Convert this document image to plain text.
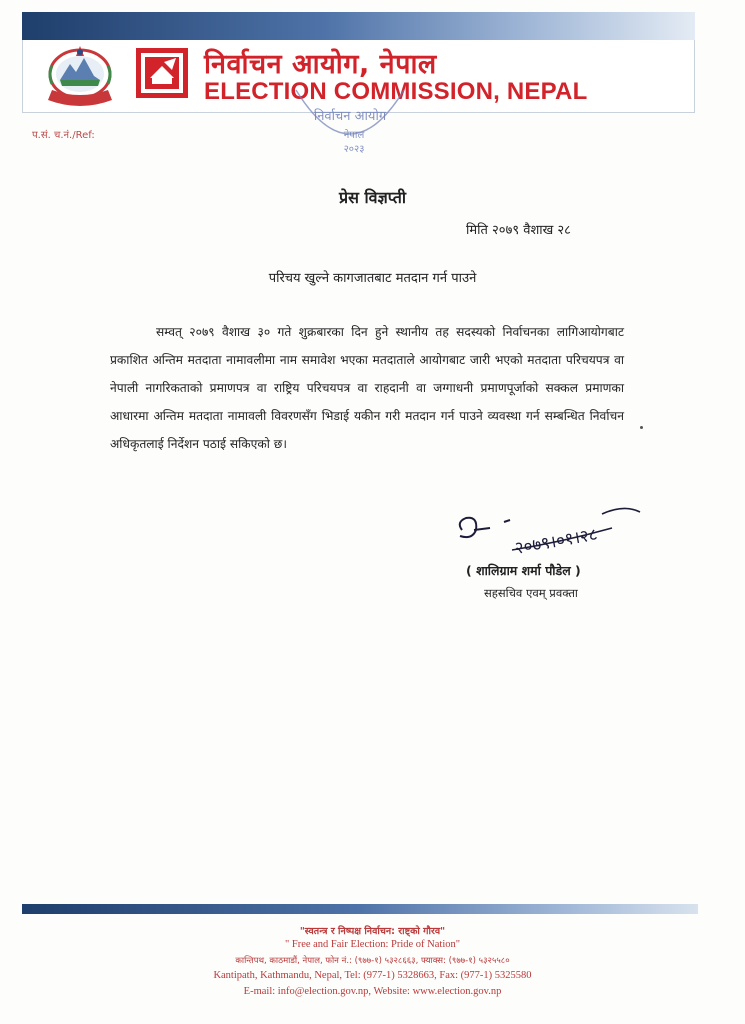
निर्वाचन आयोग, नेपाल
ELECTION COMMISSION, NEPAL
प.सं. च.नं./Ref:
निर्वाचन आयोग
नेपाल
२०२३
प्रेस विज्ञप्ती
मिति २०७९ वैशाख २८
परिचय खुल्ने कागजातबाट मतदान गर्न पाउने

सम्वत् २०७९ वैशाख ३० गते शुक्रबारका दिन हुने स्थानीय तह सदस्यको निर्वाचनका लागिआयोगबाट प्रकाशित अन्तिम मतदाता नामावलीमा नाम समावेश भएका मतदाताले आयोगबाट जारी भएको मतदाता परिचयपत्र वा नेपाली नागरिकताको प्रमाणपत्र वा राष्ट्रिय परिचयपत्र वा राहदानी वा जग्गाधनी प्रमाणपूर्जाको सक्कल प्रमाणका आधारमा अन्तिम मतदाता नामावली विवरणसँग भिडाई यकीन गरी मतदान गर्न पाउने व्यवस्था गर्न सम्बन्धित निर्वाचन अधिकृतलाई निर्देशन पठाई सकिएको छ।

२०७९।०१।२८
( शालिग्राम शर्मा पौडेल )
सहसचिव एवम् प्रवक्ता
"स्वतन्त्र र निष्पक्ष निर्वाचन: राष्ट्को गौरव"
" Free and Fair Election: Pride of Nation"
कान्तिपथ, काठमाडौं, नेपाल, फोन नं.: (९७७-१) ५३२८६६३, फ्याक्स: (९७७-१) ५३२५५८०
Kantipath, Kathmandu, Nepal, Tel: (977-1) 5328663, Fax: (977-1) 5325580
E-mail: info@election.gov.np, Website: www.election.gov.np
